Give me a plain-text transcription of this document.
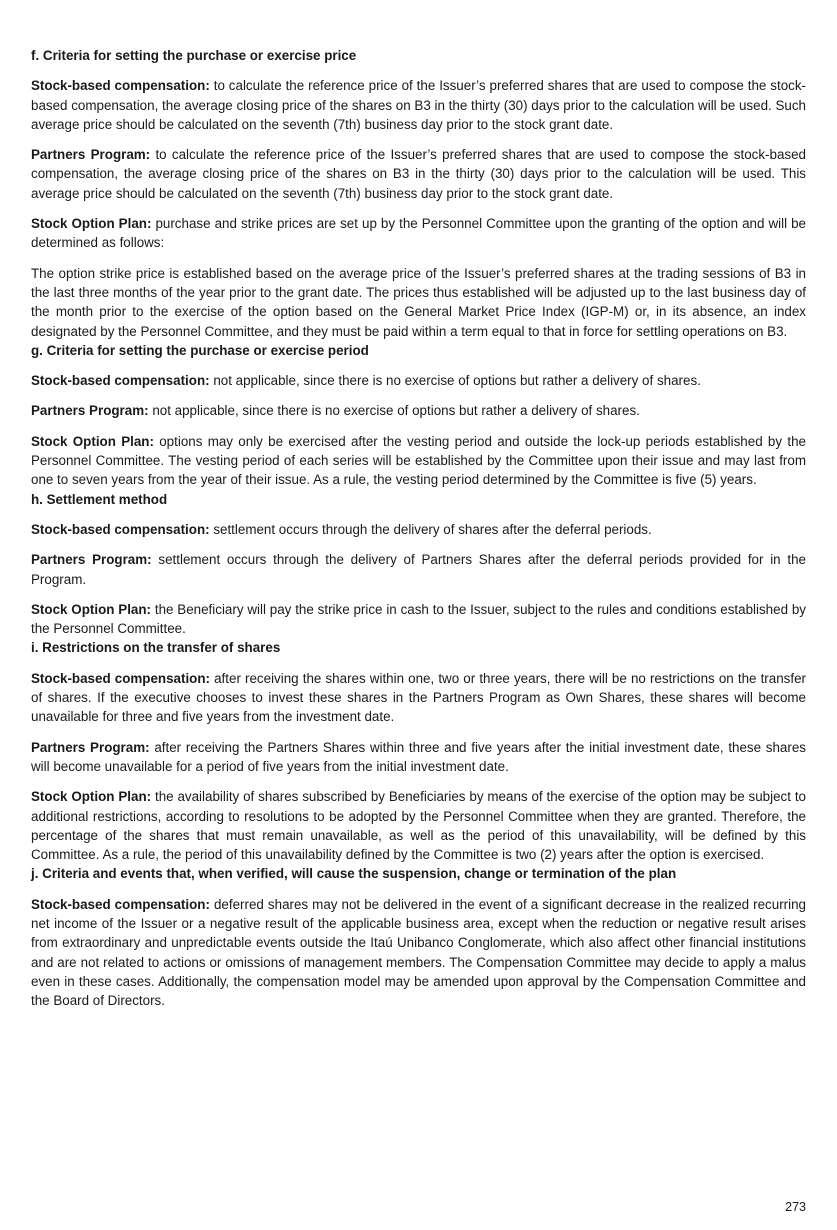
f. Criteria for setting the purchase or exercise price

Stock-based compensation: to calculate the reference price of the Issuer’s preferred shares that are used to compose the stock-based compensation, the average closing price of the shares on B3 in the thirty (30) days prior to the calculation will be used. Such average price should be calculated on the seventh (7th) business day prior to the stock grant date.

Partners Program: to calculate the reference price of the Issuer’s preferred shares that are used to compose the stock-based compensation, the average closing price of the shares on B3 in the thirty (30) days prior to the calculation will be used. This average price should be calculated on the seventh (7th) business day prior to the stock grant date.

Stock Option Plan: purchase and strike prices are set up by the Personnel Committee upon the granting of the option and will be determined as follows:

The option strike price is established based on the average price of the Issuer’s preferred shares at the trading sessions of B3 in the last three months of the year prior to the grant date. The prices thus established will be adjusted up to the last business day of the month prior to the exercise of the option based on the General Market Price Index (IGP-M) or, in its absence, an index designated by the Personnel Committee, and they must be paid within a term equal to that in force for settling operations on B3.

g. Criteria for setting the purchase or exercise period

Stock-based compensation: not applicable, since there is no exercise of options but rather a delivery of shares.

Partners Program: not applicable, since there is no exercise of options but rather a delivery of shares.

Stock Option Plan: options may only be exercised after the vesting period and outside the lock-up periods established by the Personnel Committee. The vesting period of each series will be established by the Committee upon their issue and may last from one to seven years from the year of their issue. As a rule, the vesting period determined by the Committee is five (5) years.

h. Settlement method

Stock-based compensation: settlement occurs through the delivery of shares after the deferral periods.

Partners Program: settlement occurs through the delivery of Partners Shares after the deferral periods provided for in the Program.

Stock Option Plan: the Beneficiary will pay the strike price in cash to the Issuer, subject to the rules and conditions established by the Personnel Committee.

i. Restrictions on the transfer of shares

Stock-based compensation: after receiving the shares within one, two or three years, there will be no restrictions on the transfer of shares. If the executive chooses to invest these shares in the Partners Program as Own Shares, these shares will become unavailable for three and five years from the investment date.

Partners Program: after receiving the Partners Shares within three and five years after the initial investment date, these shares will become unavailable for a period of five years from the initial investment date.

Stock Option Plan: the availability of shares subscribed by Beneficiaries by means of the exercise of the option may be subject to additional restrictions, according to resolutions to be adopted by the Personnel Committee when they are granted. Therefore, the percentage of the shares that must remain unavailable, as well as the period of this unavailability, will be defined by this Committee. As a rule, the period of this unavailability defined by the Committee is two (2) years after the option is exercised.

j. Criteria and events that, when verified, will cause the suspension, change or termination of the plan

Stock-based compensation: deferred shares may not be delivered in the event of a significant decrease in the realized recurring net income of the Issuer or a negative result of the applicable business area, except when the reduction or negative result arises from extraordinary and unpredictable events outside the Itaú Unibanco Conglomerate, which also affect other financial institutions and are not related to actions or omissions of management members. The Compensation Committee may decide to apply a malus even in these cases. Additionally, the compensation model may be amended upon approval by the Compensation Committee and the Board of Directors.

273
